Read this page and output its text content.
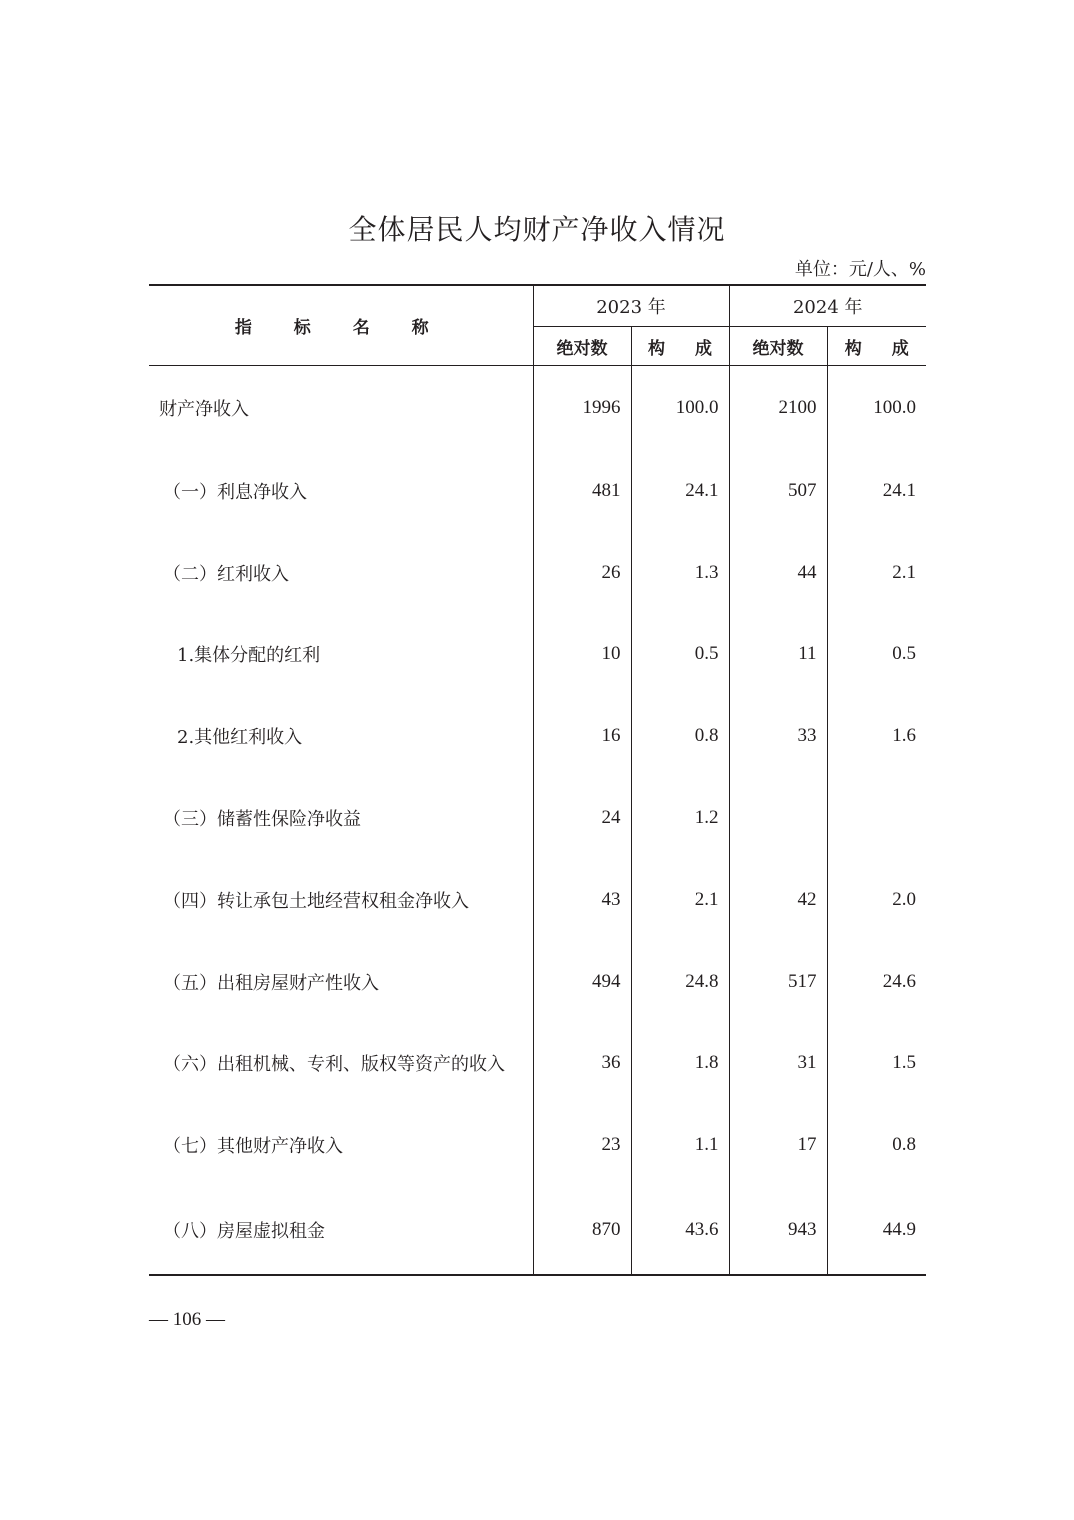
全体居民人均财产净收入情况
单位：元/人、%
指 标 名 称	2023 年		2024 年	
	绝对数	构 成	绝对数	构 成
财产净收入	1996	100.0	2100	100.0
（一）利息净收入	481	24.1	507	24.1
（二）红利收入	26	1.3	44	2.1
1.集体分配的红利	10	0.5	11	0.5
2.其他红利收入	16	0.8	33	1.6
（三）储蓄性保险净收益	24	1.2		
（四）转让承包土地经营权租金净收入	43	2.1	42	2.0
（五）出租房屋财产性收入	494	24.8	517	24.6
（六）出租机械、专利、版权等资产的收入	36	1.8	31	1.5
（七）其他财产净收入	23	1.1	17	0.8
（八）房屋虚拟租金	870	43.6	943	44.9
— 106 —
